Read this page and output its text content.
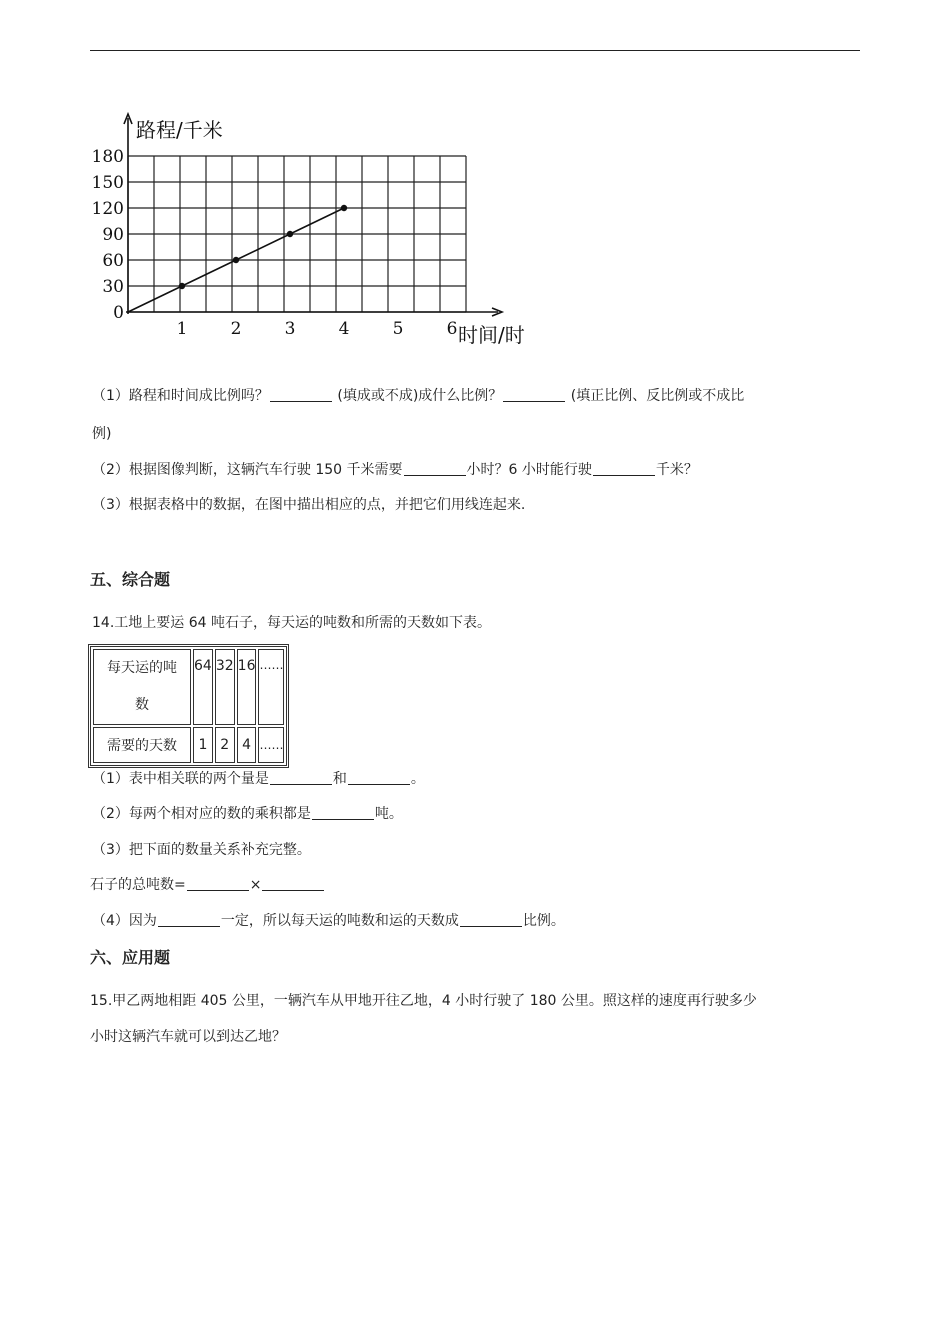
180
150
120
90
60
30
0
1	2	3	4	5	6
路程/千米
时间/时
（1）路程和时间成比例吗？	(填成或不成)成什么比例？	(填正比例、反比例或不成比
例)
（2）根据图像判断，这辆汽车行驶 150 千米需要	小时？6 小时能行驶	千米？
（3）根据表格中的数据，在图中描出相应的点，并把它们用线连起来.
五、综合题
14.工地上要运 64 吨石子，每天运的吨数和所需的天数如下表。
每天运的吨
数	64	32	16	……
需要的天数	1	2	4	……
（1）表中相关联的两个量是	和	。
（2）每两个相对应的数的乘积都是	吨。
（3）把下面的数量关系补充完整。
石子的总吨数=	×
（4）因为	一定，所以每天运的吨数和运的天数成	比例。
六、应用题
15.甲乙两地相距 405 公里，一辆汽车从甲地开往乙地，4 小时行驶了 180 公里。照这样的速度再行驶多少
小时这辆汽车就可以到达乙地？
